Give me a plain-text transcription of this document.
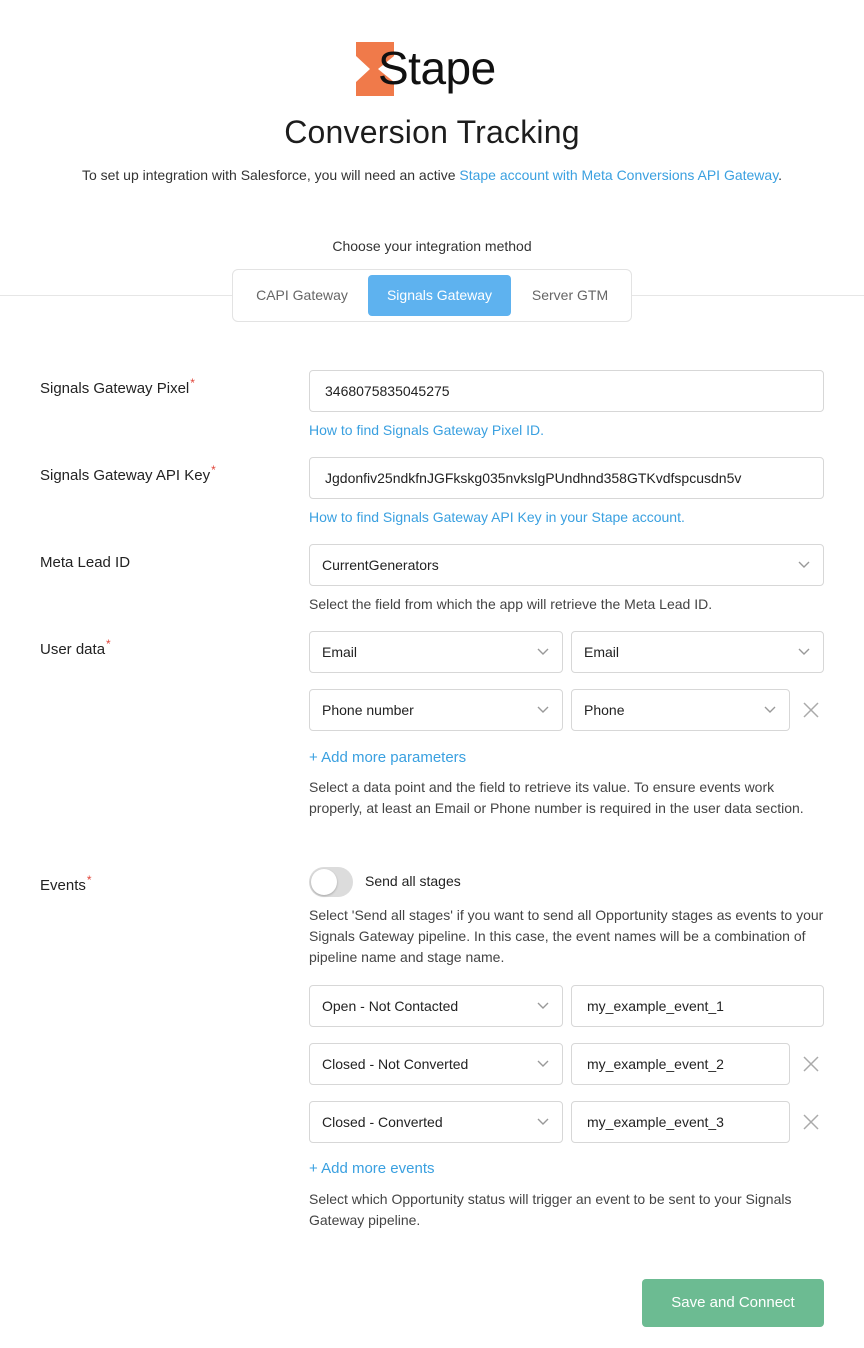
Stape
Conversion Tracking
To set up integration with Salesforce, you will need an active Stape account with Meta Conversions API Gateway.
Choose your integration method
CAPI Gateway	Signals Gateway	Server GTM
Signals Gateway Pixel*	3468075835045275
How to find Signals Gateway Pixel ID.
Signals Gateway API Key*	Jgdonfiv25ndkfnJGFkskg035nvkslgPUndhnd358GTKvdfspcusdn5v
How to find Signals Gateway API Key in your Stape account.
Meta Lead ID	CurrentGenerators
Select the field from which the app will retrieve the Meta Lead ID.
User data*	Email	Email
Phone number	Phone
+ Add more parameters
Select a data point and the field to retrieve its value. To ensure events work properly, at least an Email or Phone number is required in the user data section.
Events*	Send all stages
Select 'Send all stages' if you want to send all Opportunity stages as events to your Signals Gateway pipeline. In this case, the event names will be a combination of pipeline name and stage name.
Open - Not Contacted	my_example_event_1
Closed - Not Converted	my_example_event_2
Closed - Converted	my_example_event_3
+ Add more events
Select which Opportunity status will trigger an event to be sent to your Signals Gateway pipeline.
Save and Connect
